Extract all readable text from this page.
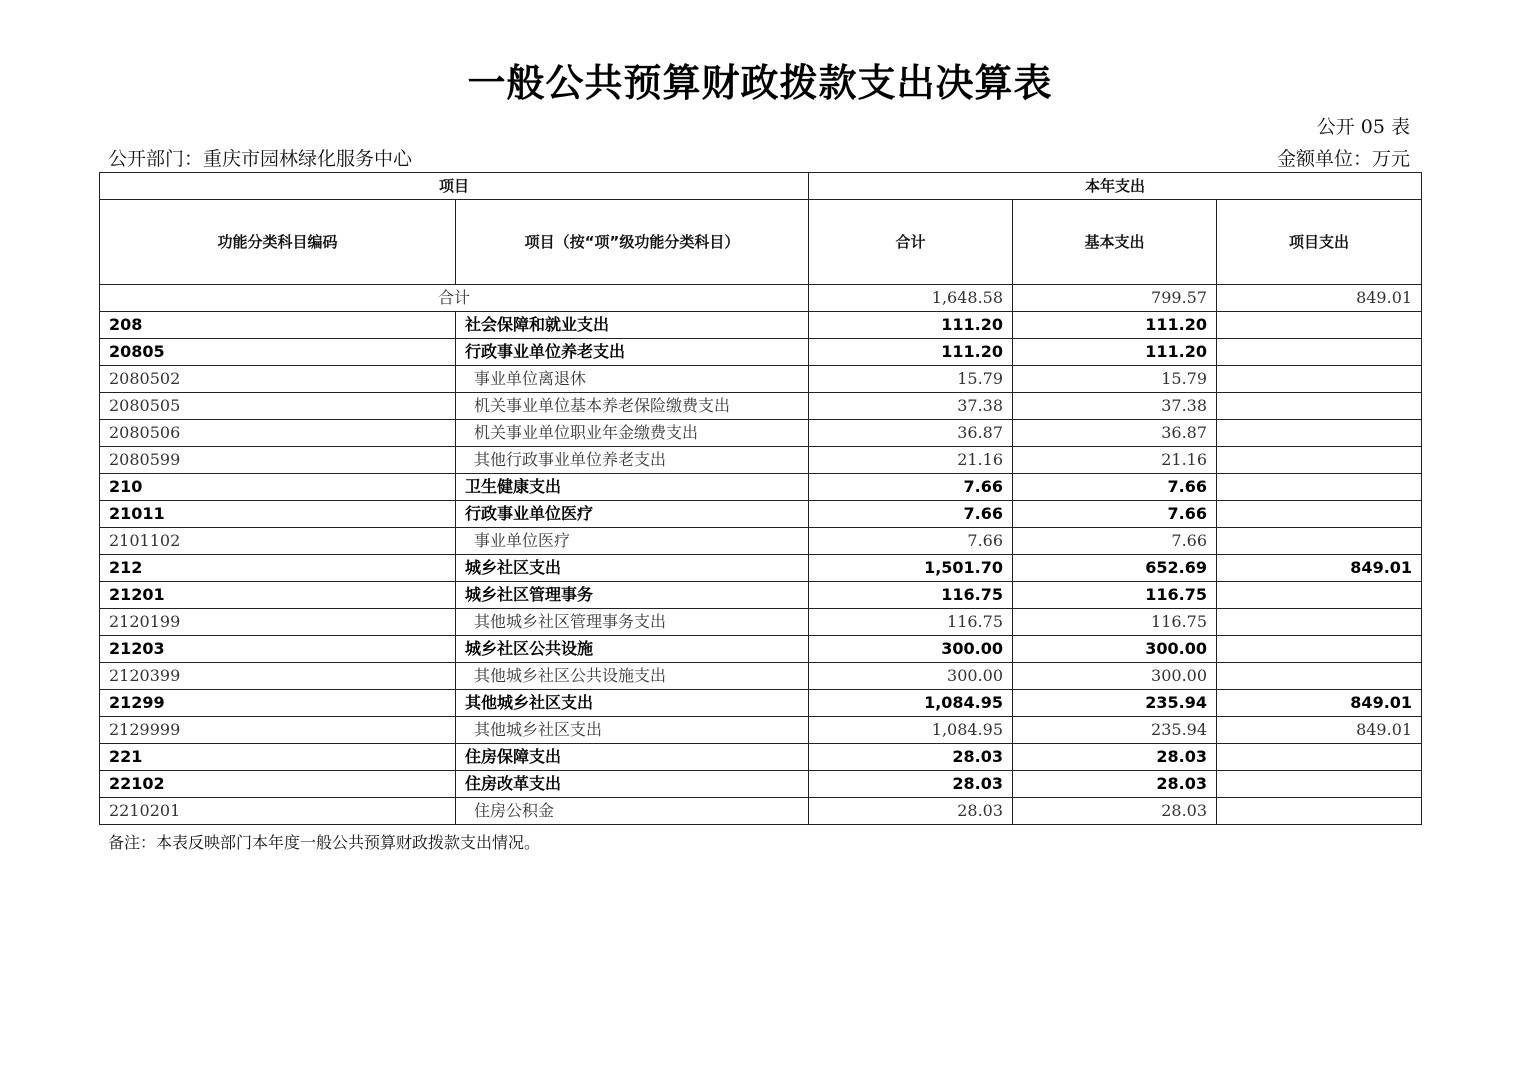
一般公共预算财政拨款支出决算表
公开 05 表
公开部门：重庆市园林绿化服务中心	金额单位：万元
项目		本年支出		
功能分类科目编码	项目（按“项”级功能分类科目）	合计	基本支出	项目支出
合计		1,648.58	799.57	849.01
208	社会保障和就业支出	111.20	111.20	
20805	行政事业单位养老支出	111.20	111.20	
2080502	事业单位离退休	15.79	15.79	
2080505	机关事业单位基本养老保险缴费支出	37.38	37.38	
2080506	机关事业单位职业年金缴费支出	36.87	36.87	
2080599	其他行政事业单位养老支出	21.16	21.16	
210	卫生健康支出	7.66	7.66	
21011	行政事业单位医疗	7.66	7.66	
2101102	事业单位医疗	7.66	7.66	
212	城乡社区支出	1,501.70	652.69	849.01
21201	城乡社区管理事务	116.75	116.75	
2120199	其他城乡社区管理事务支出	116.75	116.75	
21203	城乡社区公共设施	300.00	300.00	
2120399	其他城乡社区公共设施支出	300.00	300.00	
21299	其他城乡社区支出	1,084.95	235.94	849.01
2129999	其他城乡社区支出	1,084.95	235.94	849.01
221	住房保障支出	28.03	28.03	
22102	住房改革支出	28.03	28.03	
2210201	住房公积金	28.03	28.03	
备注：本表反映部门本年度一般公共预算财政拨款支出情况。
